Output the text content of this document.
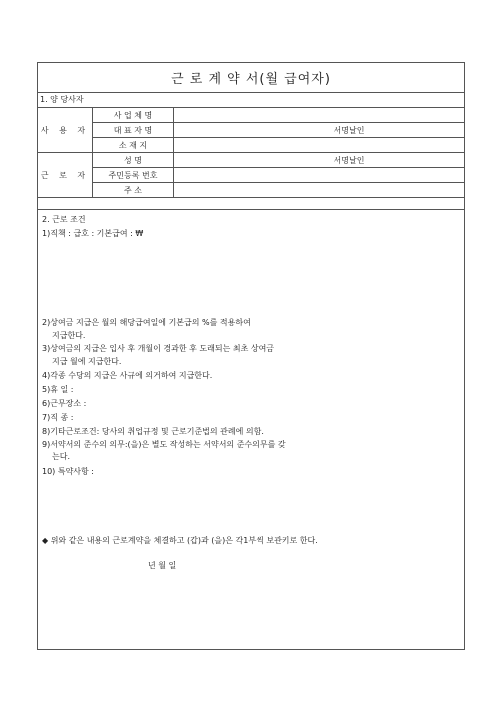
근 로 계 약 서(월 급여자)
1. 양 당사자
사 용 자	사 업 체 명	
	대 표 자 명	서명날인
	소 재 지	
근 로 자	성 명	서명날인
	주민등록 번호	
	주 소	
2. 근로 조건
1)직책 : 급호 : 기본급여 : ₩
2)상여금 지급은 월의 해당급여일에 기본급의 %를 적용하여
지급한다.
3)상여금의 지급은 입사 후 개월이 경과한 후 도래되는 최초 상여금
지급 월에 지급한다.
4)각종 수당의 지급은 사규에 의거하여 지급한다.
5)휴 일 :
6)근무장소 :
7)직 종 :
8)기타근로조건: 당사의 취업규정 및 근로기준법의 관례에 의함.
9)서약서의 준수의 의무:(을)은 별도 작성하는 서약서의 준수의무를 갖
는다.
10) 특약사항 :
◆ 위와 같은 내용의 근로계약을 체결하고 (갑)과 (을)은 각1부씩 보관키로 한다.
년 월 일
